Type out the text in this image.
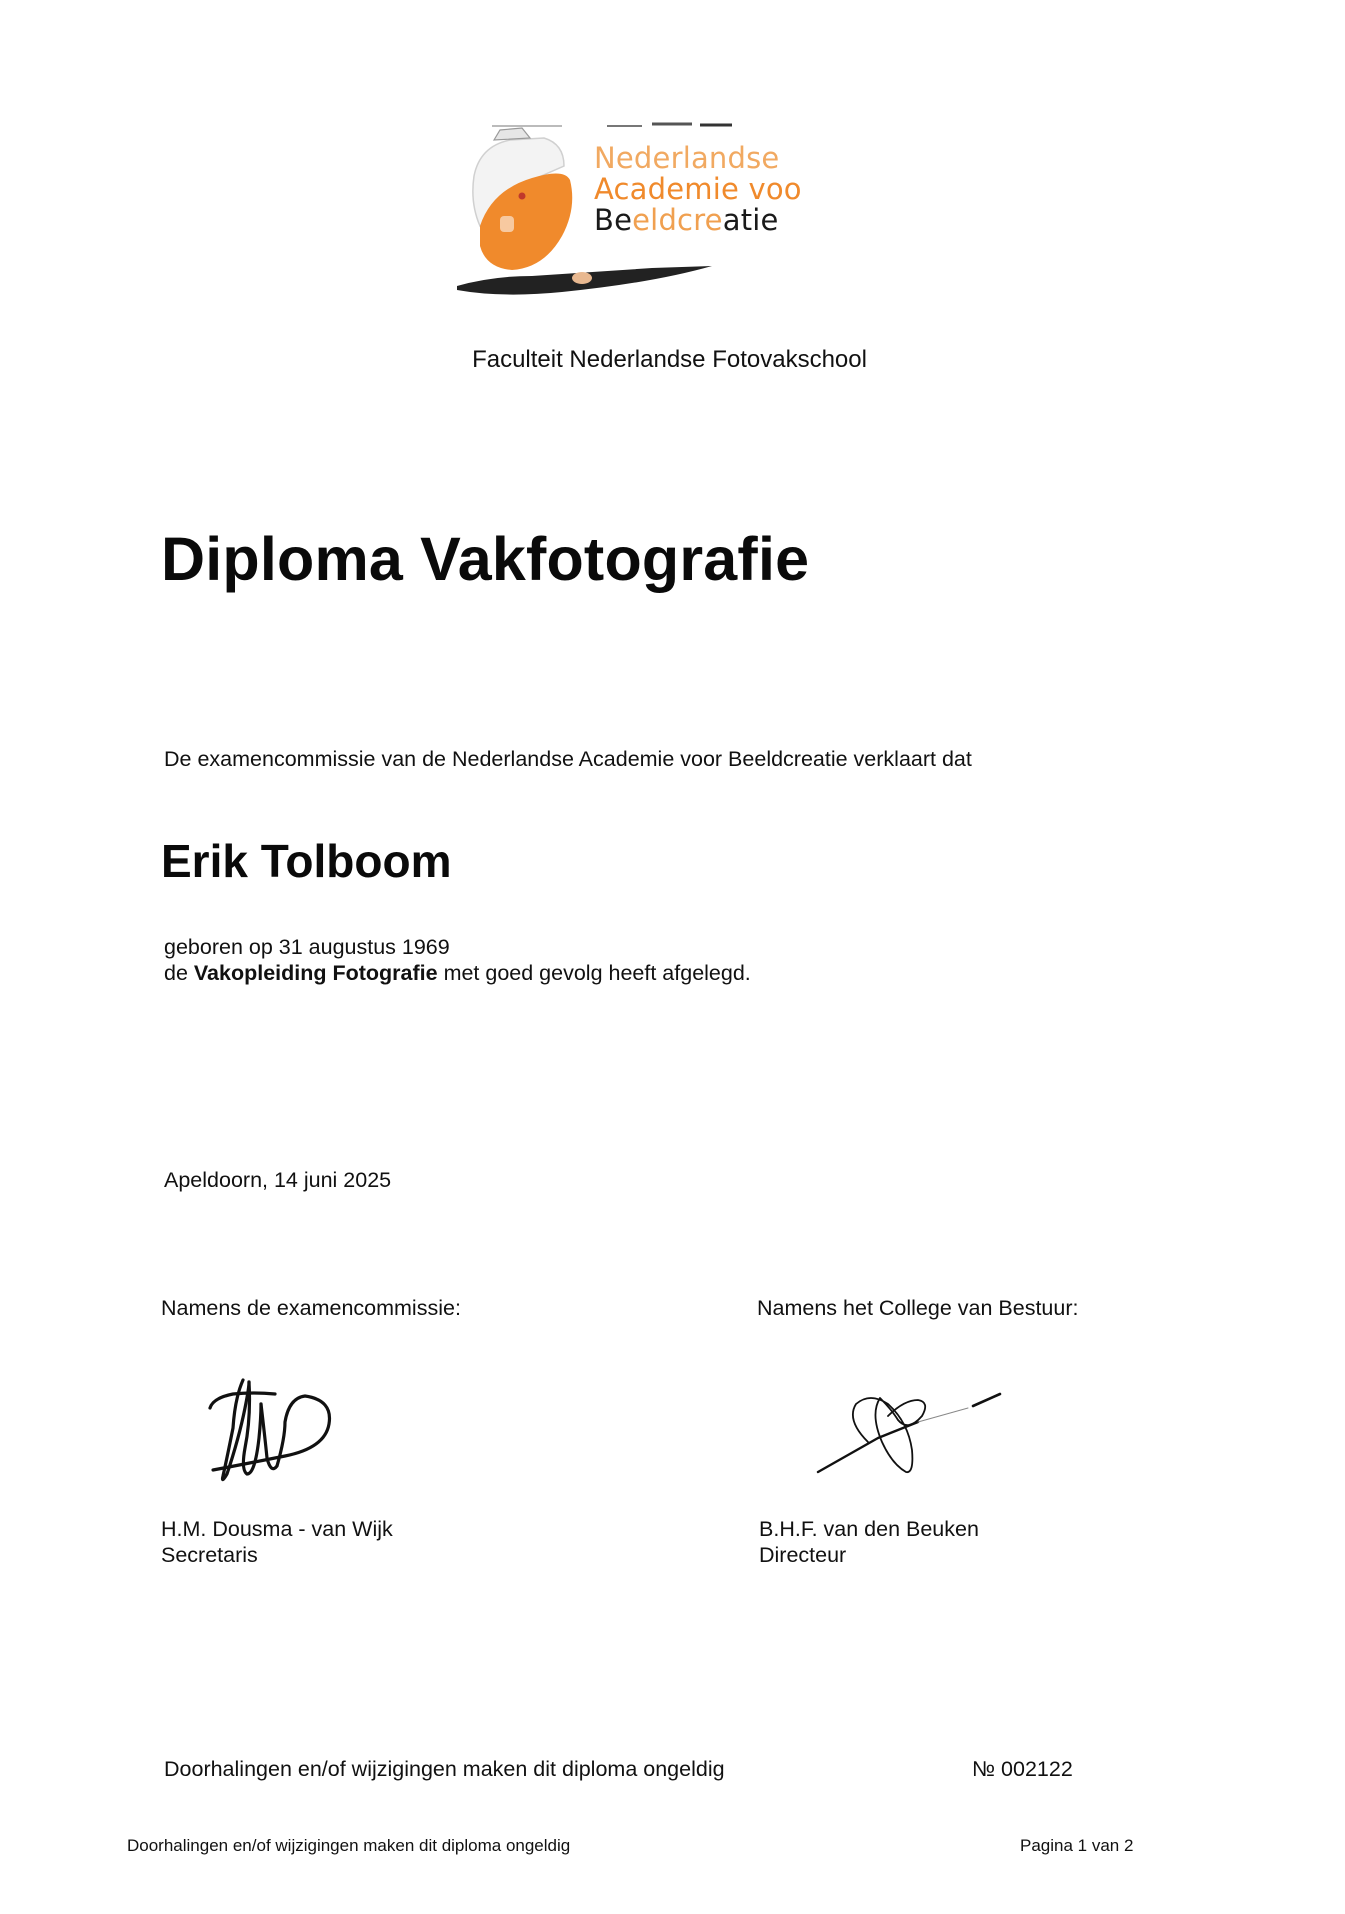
Nederlandse
Academie voo
Beeldcreatie
Faculteit Nederlandse Fotovakschool
Diploma Vakfotografie
De examencommissie van de Nederlandse Academie voor Beeldcreatie verklaart dat
Erik Tolboom
geboren op 31 augustus 1969
de Vakopleiding Fotografie met goed gevolg heeft afgelegd.
Apeldoorn, 14 juni 2025
Namens de examencommissie:	Namens het College van Bestuur:
H.M. Dousma - van Wijk
Secretaris
B.H.F. van den Beuken
Directeur
Doorhalingen en/of wijzigingen maken dit diploma ongeldig	№ 002122
Doorhalingen en/of wijzigingen maken dit diploma ongeldig	Pagina 1 van 2
